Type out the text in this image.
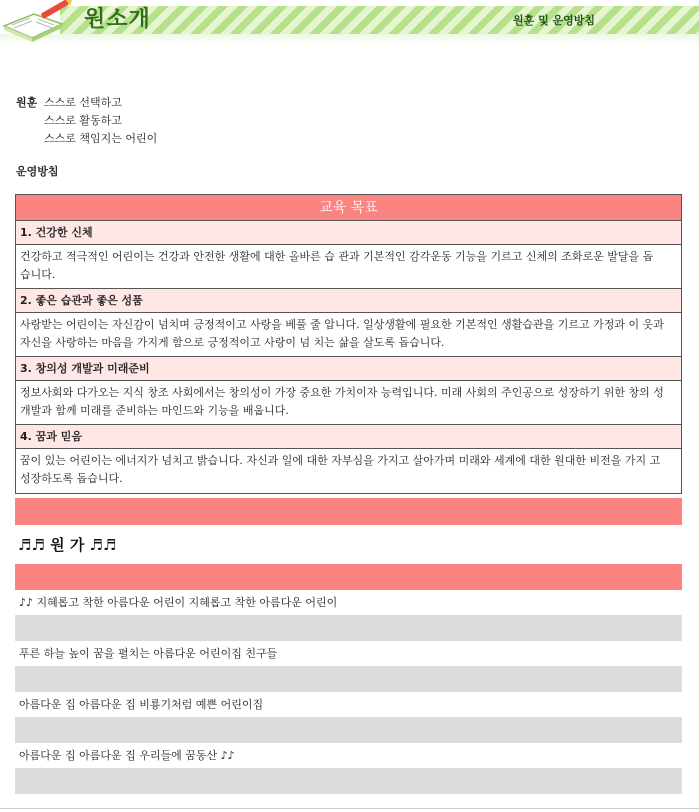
원소개	원훈 및 운영방침
원훈 스스로 선택하고
스스로 활동하고
스스로 책임지는 어린이
운영방침
교육 목표
1. 건강한 신체
건강하고 적극적인 어린이는 건강과 안전한 생활에 대한 올바른 습 관과 기본적인 감각운동 기능을 기르고 신체의 조화로운 발달을 돕
습니다.
2. 좋은 습관과 좋은 성품
사랑받는 어린이는 자신감이 넘치며 긍정적이고 사랑을 베풀 줄 압니다. 일상생활에 필요한 기본적인 생활습관을 기르고 가정과 이 웃과
자신을 사랑하는 마음을 가지게 함으로 긍정적이고 사랑이 넘 치는 삶을 살도록 돕습니다.
3. 창의성 개발과 미래준비
정보사회와 다가오는 지식 창조 사회에서는 창의성이 가장 중요한 가치이자 능력입니다. 미래 사회의 주인공으로 성장하기 위한 창의 성
개발과 함께 미래를 준비하는 마인드와 기능을 배웁니다.
4. 꿈과 믿음
꿈이 있는 어린이는 에너지가 넘치고 밝습니다. 자신과 일에 대한 자부심을 가지고 살아가며 미래와 세계에 대한 원대한 비전을 가지 고
성장하도록 돕습니다.
♬♬ 원 가 ♬♬
♪♪ 지혜롭고 착한 아름다운 어린이 지혜롭고 착한 아름다운 어린이
푸른 하늘 높이 꿈을 펼치는 아름다운 어린이집 친구들
아름다운 집 아름다운 집 비룡기처럼 예쁜 어린이집
아름다운 집 아름다운 집 우리들에 꿈동산 ♪♪
